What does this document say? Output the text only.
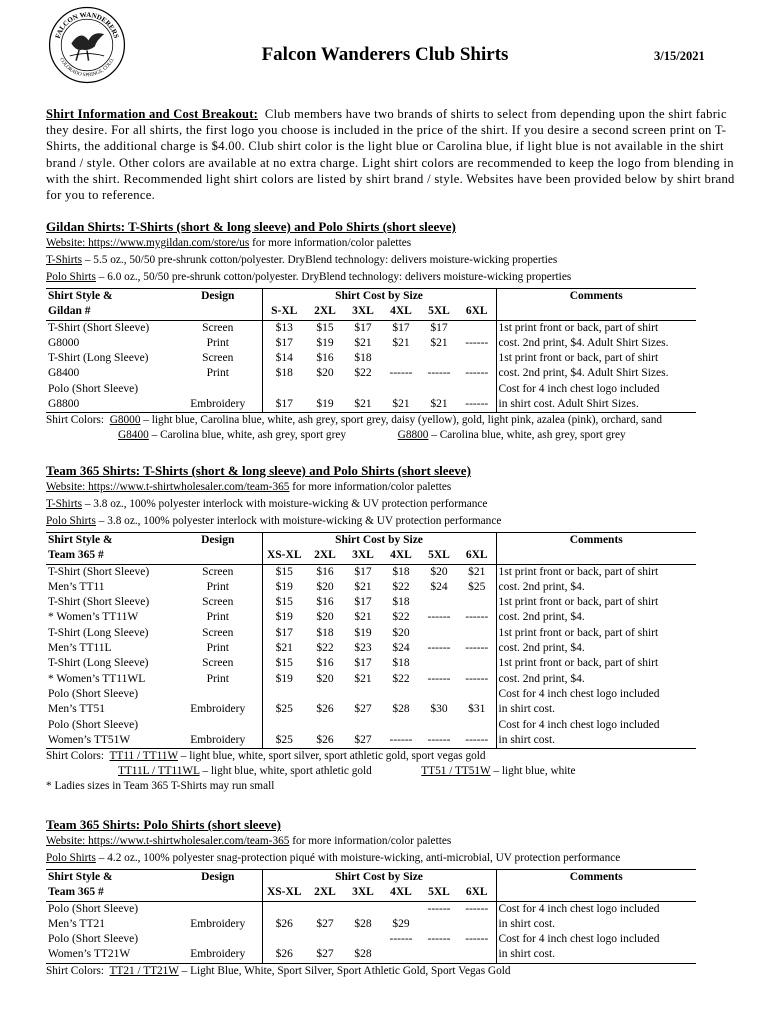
FALCON WANDERERS
COLORADO SPRINGS, COLO.	Falcon Wanderers Club Shirts	3/15/2021
Shirt Information and Cost Breakout: Club members have two brands of shirts to select from depending upon the shirt fabric they desire. For all shirts, the first logo you choose is included in the price of the shirt. If you desire a second screen print on T-Shirts, the additional charge is $4.00. Club shirt color is the light blue or Carolina blue, if light blue is not available in the shirt brand / style. Other colors are available at no extra charge. Light shirt colors are recommended to keep the logo from blending in with the shirt. Recommended light shirt colors are listed by shirt brand / style. Websites have been provided below by shirt brand for you to reference.
Gildan Shirts: T-Shirts (short & long sleeve) and Polo Shirts (short sleeve)
Website: https://www.mygildan.com/store/us for more information/color palettes
T-Shirts – 5.5 oz., 50/50 pre-shrunk cotton/polyester. DryBlend technology: delivers moisture-wicking properties
Polo Shirts – 6.0 oz., 50/50 pre-shrunk cotton/polyester. DryBlend technology: delivers moisture-wicking properties
Shirt Style &	Design	Shirt Cost by Size						Comments
Gildan #		S-XL	2XL	3XL	4XL	5XL	6XL	
T-Shirt (Short Sleeve)	Screen	$13	$15	$17	$17	$17		1st print front or back, part of shirt
G8000	Print	$17	$19	$21	$21	$21	------	cost. 2nd print, $4. Adult Shirt Sizes.
T-Shirt (Long Sleeve)	Screen	$14	$16	$18				1st print front or back, part of shirt
G8400	Print	$18	$20	$22	------	------	------	cost. 2nd print, $4. Adult Shirt Sizes.
Polo (Short Sleeve)								Cost for 4 inch chest logo included
G8800	Embroidery	$17	$19	$21	$21	$21	------	in shirt cost. Adult Shirt Sizes.
Shirt Colors: G8000 – light blue, Carolina blue, white, ash grey, sport grey, daisy (yellow), gold, light pink, azalea (pink), orchard, sand
G8400 – Carolina blue, white, ash grey, sport grey	G8800 – Carolina blue, white, ash grey, sport grey
Team 365 Shirts: T-Shirts (short & long sleeve) and Polo Shirts (short sleeve)
Website: https://www.t-shirtwholesaler.com/team-365 for more information/color palettes
T-Shirts – 3.8 oz., 100% polyester interlock with moisture-wicking & UV protection performance
Polo Shirts – 3.8 oz., 100% polyester interlock with moisture-wicking & UV protection performance
Shirt Style &	Design	Shirt Cost by Size						Comments
Team 365 #		XS-XL	2XL	3XL	4XL	5XL	6XL	
T-Shirt (Short Sleeve)	Screen	$15	$16	$17	$18	$20	$21	1st print front or back, part of shirt
Men’s TT11	Print	$19	$20	$21	$22	$24	$25	cost. 2nd print, $4.
T-Shirt (Short Sleeve)	Screen	$15	$16	$17	$18			1st print front or back, part of shirt
* Women’s TT11W	Print	$19	$20	$21	$22	------	------	cost. 2nd print, $4.
T-Shirt (Long Sleeve)	Screen	$17	$18	$19	$20			1st print front or back, part of shirt
Men’s TT11L	Print	$21	$22	$23	$24	------	------	cost. 2nd print, $4.
T-Shirt (Long Sleeve)	Screen	$15	$16	$17	$18			1st print front or back, part of shirt
* Women’s TT11WL	Print	$19	$20	$21	$22	------	------	cost. 2nd print, $4.
Polo (Short Sleeve)								Cost for 4 inch chest logo included
Men’s TT51	Embroidery	$25	$26	$27	$28	$30	$31	in shirt cost.
Polo (Short Sleeve)								Cost for 4 inch chest logo included
Women’s TT51W	Embroidery	$25	$26	$27	------	------	------	in shirt cost.
Shirt Colors: TT11 / TT11W – light blue, white, sport silver, sport athletic gold, sport vegas gold
TT11L / TT11WL – light blue, white, sport athletic gold	TT51 / TT51W – light blue, white
* Ladies sizes in Team 365 T-Shirts may run small
Team 365 Shirts: Polo Shirts (short sleeve)
Website: https://www.t-shirtwholesaler.com/team-365 for more information/color palettes
Polo Shirts – 4.2 oz., 100% polyester snag-protection piqué with moisture-wicking, anti-microbial, UV protection performance
Shirt Style &	Design	Shirt Cost by Size						Comments
Team 365 #		XS-XL	2XL	3XL	4XL	5XL	6XL	
Polo (Short Sleeve)						------	------	Cost for 4 inch chest logo included
Men’s TT21	Embroidery	$26	$27	$28	$29			in shirt cost.
Polo (Short Sleeve)					------	------	------	Cost for 4 inch chest logo included
Women’s TT21W	Embroidery	$26	$27	$28				in shirt cost.
Shirt Colors: TT21 / TT21W – Light Blue, White, Sport Silver, Sport Athletic Gold, Sport Vegas Gold
